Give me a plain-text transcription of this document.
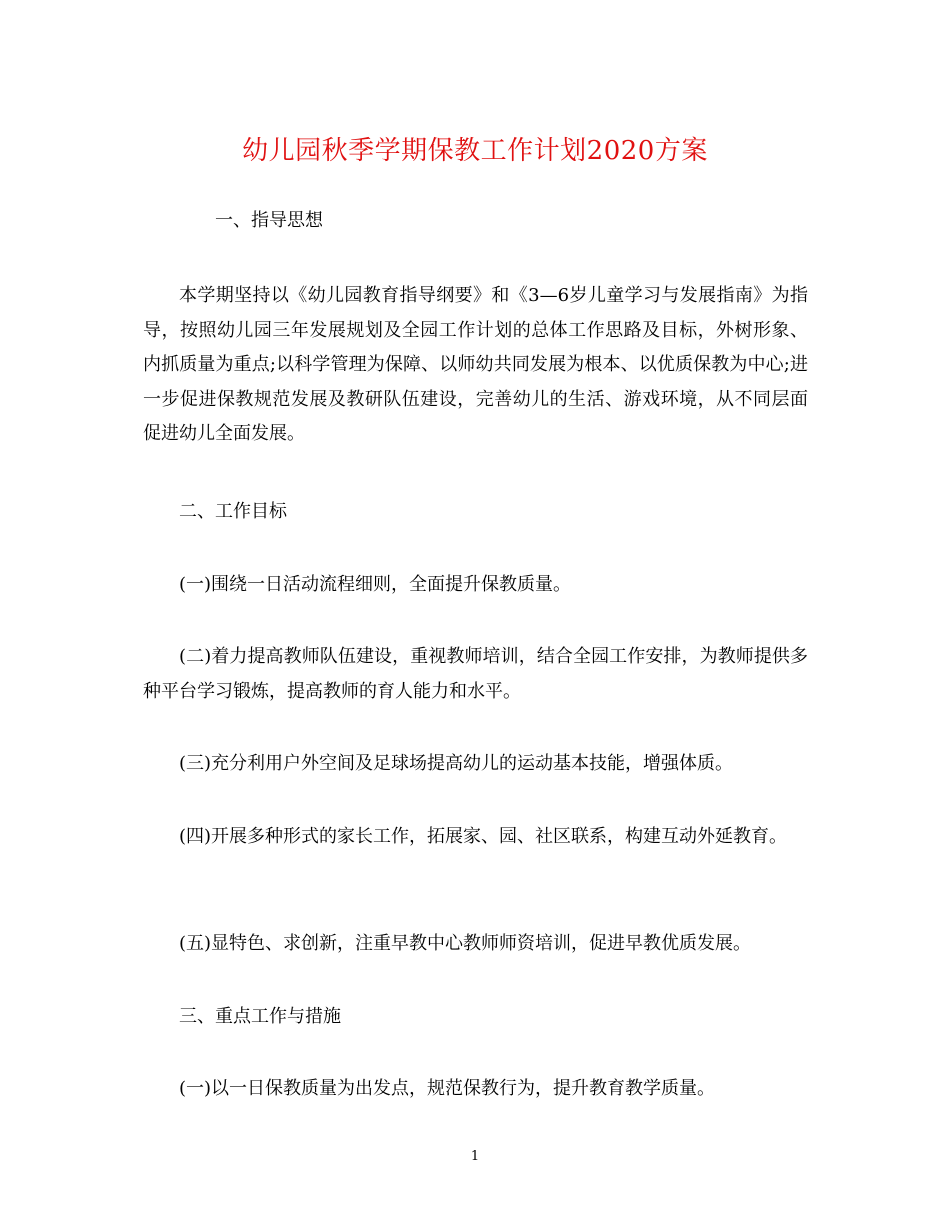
幼儿园秋季学期保教工作计划2020方案

一、指导思想

本学期坚持以《幼儿园教育指导纲要》和《3—6岁儿童学习与发展指南》为指导，按照幼儿园三年发展规划及全园工作计划的总体工作思路及目标，外树形象、内抓质量为重点;以科学管理为保障、以师幼共同发展为根本、以优质保教为中心;进一步促进保教规范发展及教研队伍建设，完善幼儿的生活、游戏环境，从不同层面促进幼儿全面发展。

二、工作目标

(一)围绕一日活动流程细则，全面提升保教质量。

(二)着力提高教师队伍建设，重视教师培训，结合全园工作安排，为教师提供多种平台学习锻炼，提高教师的育人能力和水平。

(三)充分利用户外空间及足球场提高幼儿的运动基本技能，增强体质。

(四)开展多种形式的家长工作，拓展家、园、社区联系，构建互动外延教育。

(五)显特色、求创新，注重早教中心教师师资培训，促进早教优质发展。

三、重点工作与措施

(一)以一日保教质量为出发点，规范保教行为，提升教育教学质量。

1
